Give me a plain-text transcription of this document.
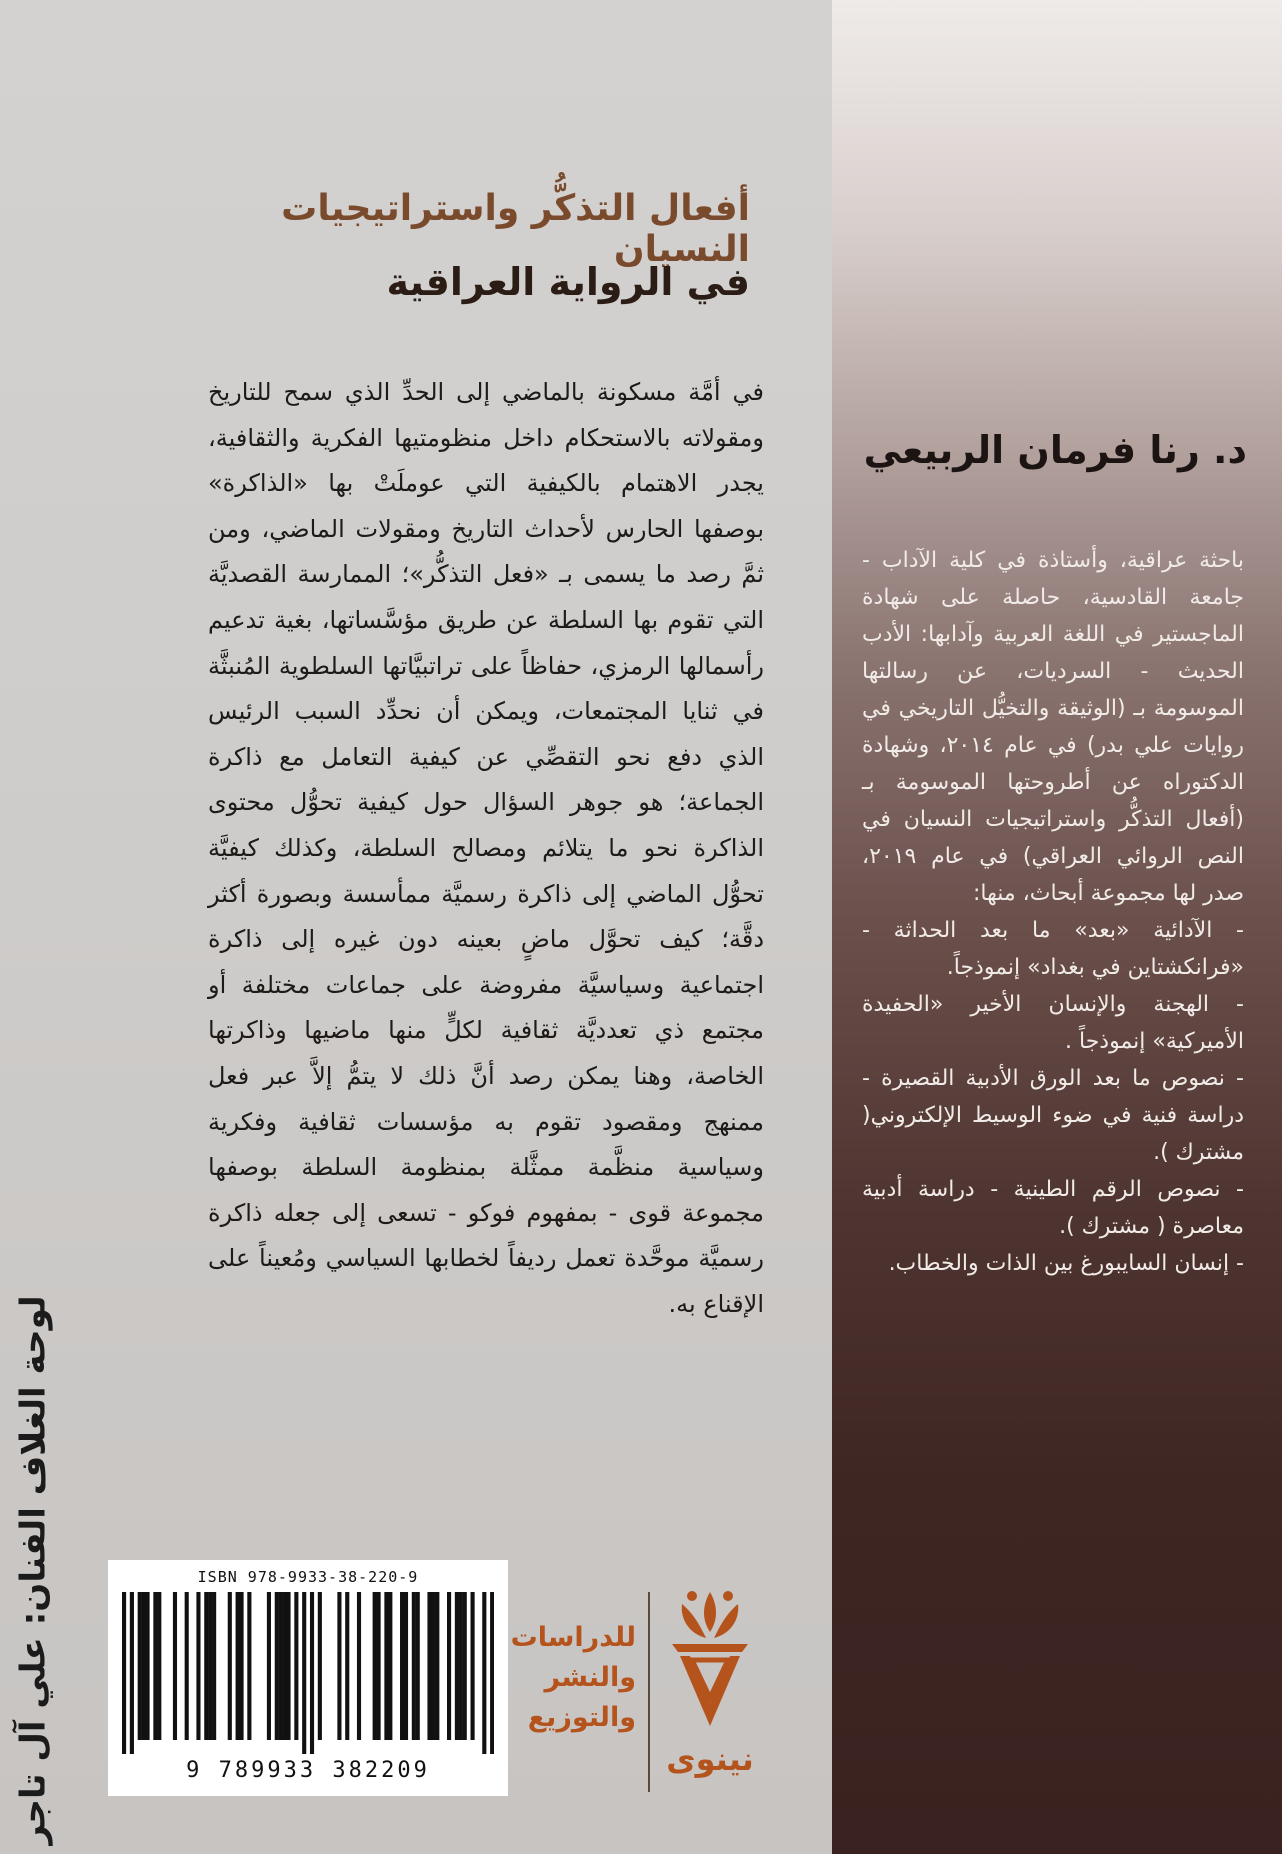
أفعال التذكُّر واستراتيجيات النسيان
في الرواية العراقية

في أمَّة مسكونة بالماضي إلى الحدِّ الذي سمح للتاريخ ومقولاته بالاستحكام داخل منظومتيها الفكرية والثقافية، يجدر الاهتمام بالكيفية التي عوملَتْ بها «الذاكرة» بوصفها الحارس لأحداث التاريخ ومقولات الماضي، ومن ثمَّ رصد ما يسمى بـ «فعل التذكُّر»؛ الممارسة القصديَّة التي تقوم بها السلطة عن طريق مؤسَّساتها، بغية تدعيم رأسمالها الرمزي، حفاظاً على تراتبيَّاتها السلطوية المُنبثَّة في ثنايا المجتمعات، ويمكن أن نحدِّد السبب الرئيس الذي دفع نحو التقصِّي عن كيفية التعامل مع ذاكرة الجماعة؛ هو جوهر السؤال حول كيفية تحوُّل محتوى الذاكرة نحو ما يتلائم ومصالح السلطة، وكذلك كيفيَّة تحوُّل الماضي إلى ذاكرة رسميَّة ممأسسة وبصورة أكثر دقَّة؛ كيف تحوَّل ماضٍ بعينه دون غيره إلى ذاكرة اجتماعية وسياسيَّة مفروضة على جماعات مختلفة أو مجتمع ذي تعدديَّة ثقافية لكلٍّ منها ماضيها وذاكرتها الخاصة، وهنا يمكن رصد أنَّ ذلك لا يتمُّ إلاَّ عبر فعل ممنهج ومقصود تقوم به مؤسسات ثقافية وفكرية وسياسية منظَّمة ممثَّلة بمنظومة السلطة بوصفها مجموعة قوى - بمفهوم فوكو - تسعى إلى جعله ذاكرة رسميَّة موحَّدة تعمل رديفاً لخطابها السياسي ومُعيناً على الإقناع به.

لوحة الغلاف الفنان: علي آل تاجر
د. رنا فرمان الربيعي

باحثة عراقية، وأستاذة في كلية الآداب - جامعة القادسية، حاصلة على شهادة الماجستير في اللغة العربية وآدابها: الأدب الحديث - السرديات، عن رسالتها الموسومة بـ (الوثيقة والتخيُّل التاريخي في روايات علي بدر) في عام ٢٠١٤، وشهادة الدكتوراه عن أطروحتها الموسومة بـ (أفعال التذكُّر واستراتيجيات النسيان في النص الروائي العراقي) في عام ٢٠١٩، صدر لها مجموعة أبحاث، منها:

- الآدائية «بعد» ما بعد الحداثة - «فرانكشتاين في بغداد» إنموذجاً.

- الهجنة والإنسان الأخير «الحفيدة الأميركية» إنموذجاً .

- نصوص ما بعد الورق الأدبية القصيرة - دراسة فنية في ضوء الوسيط الإلكتروني( مشترك ).

- نصوص الرقم الطينية - دراسة أدبية معاصرة ( مشترك ).

- إنسان السايبورغ بين الذات والخطاب.

ISBN 978-9933-38-220-9
9 789933 382209
للدراسات
والنشر
والتوزيع
نينوى
